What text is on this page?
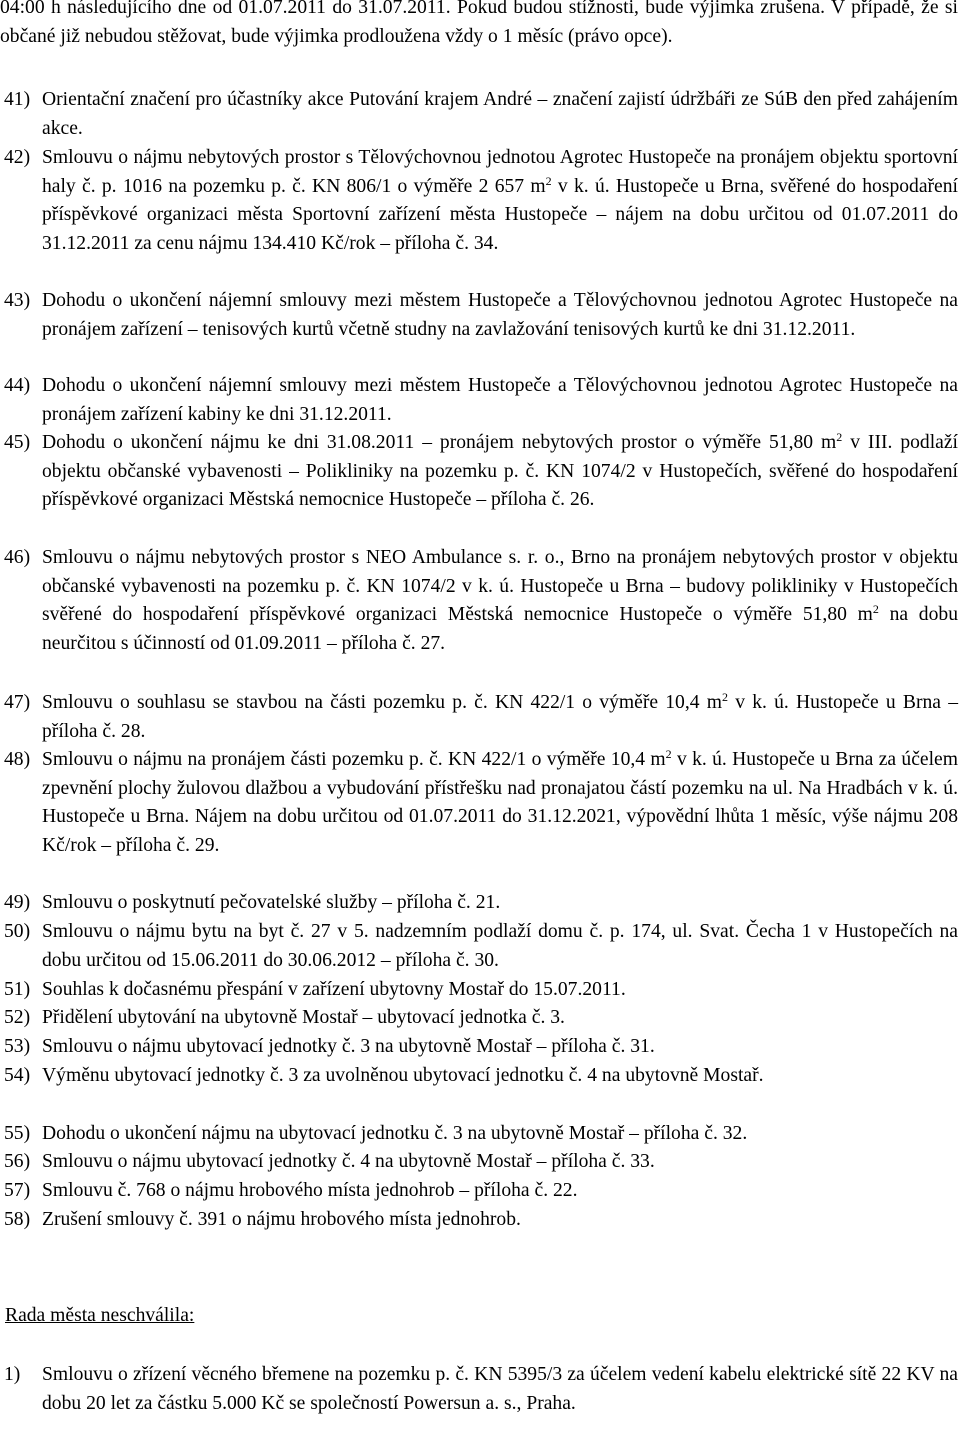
04:00 h následujícího dne od 01.07.2011 do 31.07.2011. Pokud budou stížnosti, bude výjimka zrušena. V případě, že si občané již nebudou stěžovat, bude výjimka prodloužena vždy o 1 měsíc (právo opce).

41) Orientační značení pro účastníky akce Putování krajem André – značení zajistí údržbáři ze SúB den před zahájením akce.
42) Smlouvu o nájmu nebytových prostor s Tělovýchovnou jednotou Agrotec Hustopeče na pronájem objektu sportovní haly č. p. 1016 na pozemku p. č. KN 806/1 o výměře 2 657 $m^2$ v k. ú. Hustopeče u Brna, svěřené do hospodaření příspěvkové organizaci města Sportovní zařízení města Hustopeče – nájem na dobu určitou od 01.07.2011 do 31.12.2011 za cenu nájmu 134.410 Kč/rok – příloha č. 34.
43) Dohodu o ukončení nájemní smlouvy mezi městem Hustopeče a Tělovýchovnou jednotou Agrotec Hustopeče na pronájem zařízení – tenisových kurtů včetně studny na zavlažování tenisových kurtů ke dni 31.12.2011.
44) Dohodu o ukončení nájemní smlouvy mezi městem Hustopeče a Tělovýchovnou jednotou Agrotec Hustopeče na pronájem zařízení kabiny ke dni 31.12.2011.
45) Dohodu o ukončení nájmu ke dni 31.08.2011 – pronájem nebytových prostor o výměře 51,80 $m^2$ v III. podlaží objektu občanské vybavenosti – Polikliniky na pozemku p. č. KN 1074/2 v Hustopečích, svěřené do hospodaření příspěvkové organizaci Městská nemocnice Hustopeče – příloha č. 26.
46) Smlouvu o nájmu nebytových prostor s NEO Ambulance s. r. o., Brno na pronájem nebytových prostor v objektu občanské vybavenosti na pozemku p. č. KN 1074/2 v k. ú. Hustopeče u Brna – budovy polikliniky v Hustopečích svěřené do hospodaření příspěvkové organizaci Městská nemocnice Hustopeče o výměře 51,80 $m^2$ na dobu neurčitou s účinností od 01.09.2011 – příloha č. 27.
47) Smlouvu o souhlasu se stavbou na části pozemku p. č. KN 422/1 o výměře 10,4 $m^2$ v k. ú. Hustopeče u Brna – příloha č. 28.
48) Smlouvu o nájmu na pronájem části pozemku p. č. KN 422/1 o výměře 10,4 $m^2$ v k. ú. Hustopeče u Brna za účelem zpevnění plochy žulovou dlažbou a vybudování přístřešku nad pronajatou částí pozemku na ul. Na Hradbách v k. ú. Hustopeče u Brna. Nájem na dobu určitou od 01.07.2011 do 31.12.2021, výpovědní lhůta 1 měsíc, výše nájmu 208 Kč/rok – příloha č. 29.
49) Smlouvu o poskytnutí pečovatelské služby – příloha č. 21.
50) Smlouvu o nájmu bytu na byt č. 27 v 5. nadzemním podlaží domu č. p. 174, ul. Svat. Čecha 1 v Hustopečích na dobu určitou od 15.06.2011 do 30.06.2012 – příloha č. 30.
51) Souhlas k dočasnému přespání v zařízení ubytovny Mostař do 15.07.2011.
52) Přidělení ubytování na ubytovně Mostař – ubytovací jednotka č. 3.
53) Smlouvu o nájmu ubytovací jednotky č. 3 na ubytovně Mostař – příloha č. 31.
54) Výměnu ubytovací jednotky č. 3 za uvolněnou ubytovací jednotku č. 4 na ubytovně Mostař.
55) Dohodu o ukončení nájmu na ubytovací jednotku č. 3 na ubytovně Mostař – příloha č. 32.
56) Smlouvu o nájmu ubytovací jednotky č. 4 na ubytovně Mostař – příloha č. 33.
57) Smlouvu č. 768 o nájmu hrobového místa jednohrob – příloha č. 22.
58) Zrušení smlouvy č. 391 o nájmu hrobového místa jednohrob.
Rada města neschválila:
1) Smlouvu o zřízení věcného břemene na pozemku p. č. KN 5395/3 za účelem vedení kabelu elektrické sítě 22 KV na dobu 20 let za částku 5.000 Kč se společností Powersun a. s., Praha.
